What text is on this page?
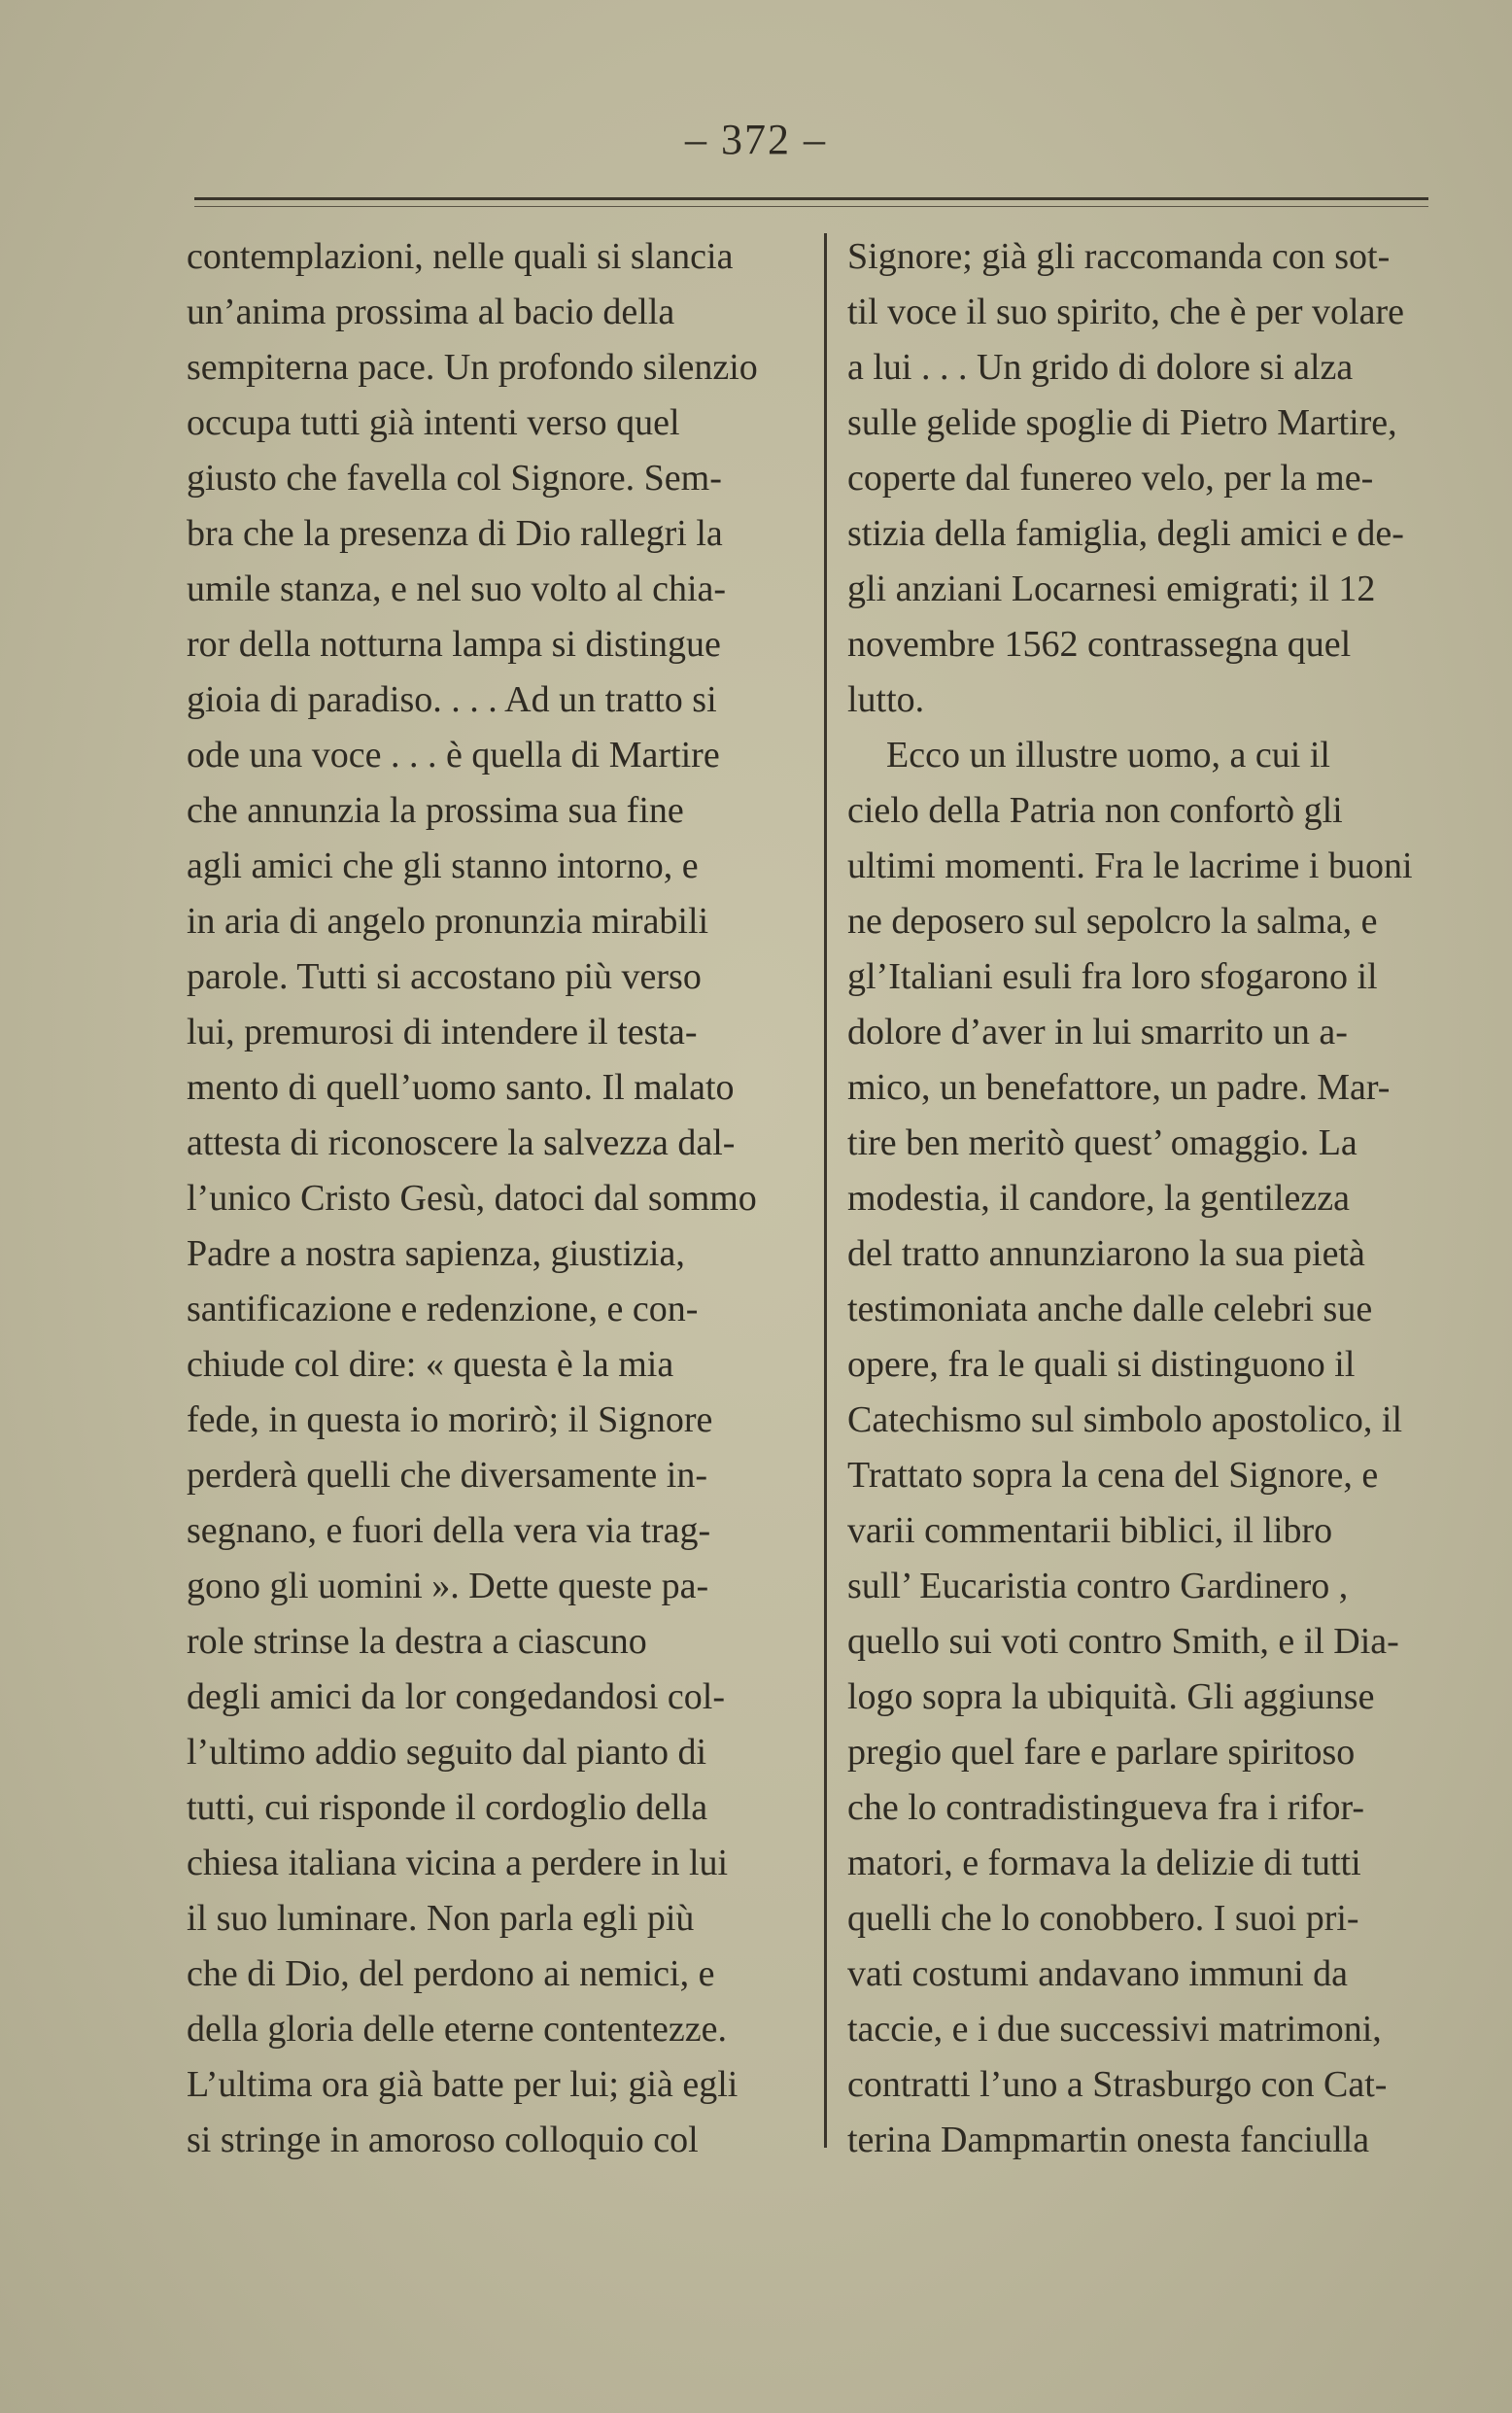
– 372 –
contemplazioni, nelle quali si slancia
un’anima prossima al bacio della
sempiterna pace. Un profondo silenzio
occupa tutti già intenti verso quel
giusto che favella col Signore. Sem-
bra che la presenza di Dio rallegri la
umile stanza, e nel suo volto al chia-
ror della notturna lampa si distingue
gioia di paradiso. . . . Ad un tratto si
ode una voce . . . è quella di Martire
che annunzia la prossima sua fine
agli amici che gli stanno intorno, e
in aria di angelo pronunzia mirabili
parole. Tutti si accostano più verso
lui, premurosi di intendere il testa-
mento di quell’uomo santo. Il malato
attesta di riconoscere la salvezza dal-
l’unico Cristo Gesù, datoci dal sommo
Padre a nostra sapienza, giustizia,
santificazione e redenzione, e con-
chiude col dire: « questa è la mia
fede, in questa io morirò; il Signore
perderà quelli che diversamente in-
segnano, e fuori della vera via trag-
gono gli uomini ». Dette queste pa-
role strinse la destra a ciascuno
degli amici da lor congedandosi col-
l’ultimo addio seguito dal pianto di
tutti, cui risponde il cordoglio della
chiesa italiana vicina a perdere in lui
il suo luminare. Non parla egli più
che di Dio, del perdono ai nemici, e
della gloria delle eterne contentezze.
L’ultima ora già batte per lui; già egli
si stringe in amoroso colloquio col
Signore; già gli raccomanda con sot-
til voce il suo spirito, che è per volare
a lui . . . Un grido di dolore si alza
sulle gelide spoglie di Pietro Martire,
coperte dal funereo velo, per la me-
stizia della famiglia, degli amici e de-
gli anziani Locarnesi emigrati; il 12
novembre 1562 contrassegna quel
lutto.
Ecco un illustre uomo, a cui il
cielo della Patria non confortò gli
ultimi momenti. Fra le lacrime i buoni
ne deposero sul sepolcro la salma, e
gl’Italiani esuli fra loro sfogarono il
dolore d’aver in lui smarrito un a-
mico, un benefattore, un padre. Mar-
tire ben meritò quest’ omaggio. La
modestia, il candore, la gentilezza
del tratto annunziarono la sua pietà
testimoniata anche dalle celebri sue
opere, fra le quali si distinguono il
Catechismo sul simbolo apostolico, il
Trattato sopra la cena del Signore, e
varii commentarii biblici, il libro
sull’ Eucaristia contro Gardinero ,
quello sui voti contro Smith, e il Dia-
logo sopra la ubiquità. Gli aggiunse
pregio quel fare e parlare spiritoso
che lo contradistingueva fra i rifor-
matori, e formava la delizie di tutti
quelli che lo conobbero. I suoi pri-
vati costumi andavano immuni da
taccie, e i due successivi matrimoni,
contratti l’uno a Strasburgo con Cat-
terina Dampmartin onesta fanciulla
